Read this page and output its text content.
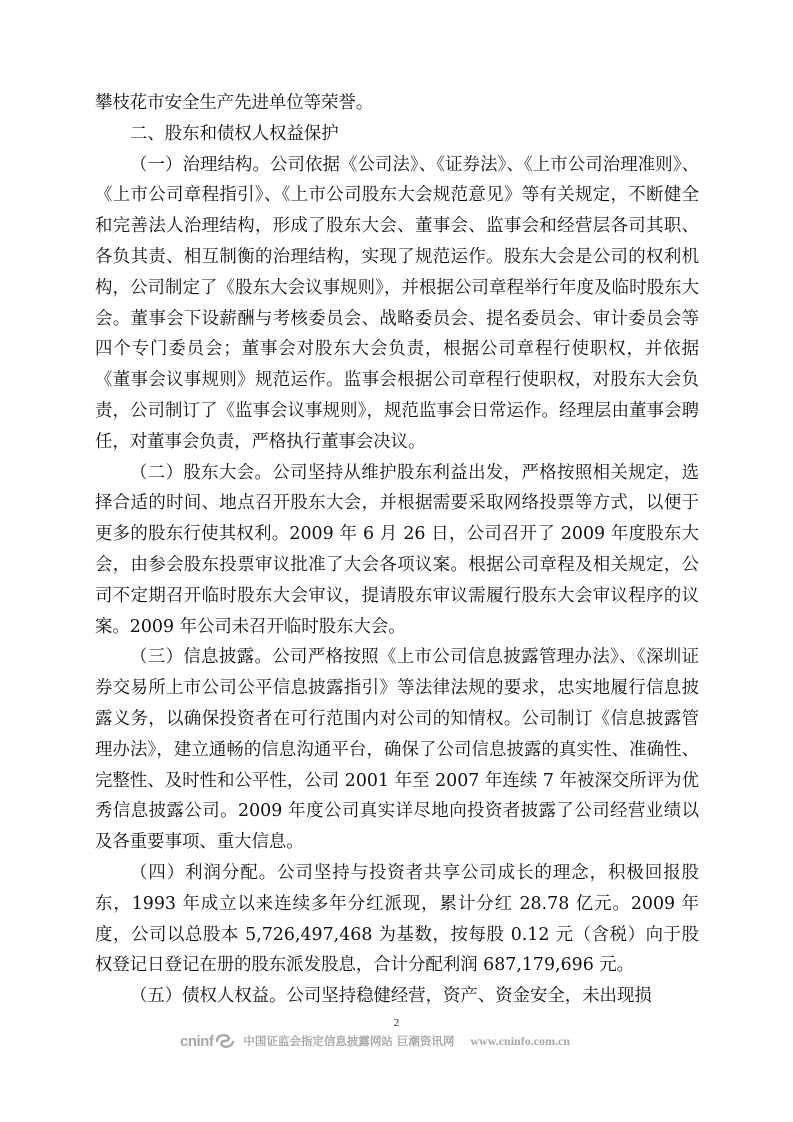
攀枝花市安全生产先进单位等荣誉。

二、股东和债权人权益保护

（一）治理结构。公司依据《公司法》、《证券法》、《上市公司治理准则》、《上市公司章程指引》、《上市公司股东大会规范意见》等有关规定，不断健全和完善法人治理结构，形成了股东大会、董事会、监事会和经营层各司其职、各负其责、相互制衡的治理结构，实现了规范运作。股东大会是公司的权利机构，公司制定了《股东大会议事规则》，并根据公司章程举行年度及临时股东大会。董事会下设薪酬与考核委员会、战略委员会、提名委员会、审计委员会等四个专门委员会；董事会对股东大会负责，根据公司章程行使职权，并依据《董事会议事规则》规范运作。监事会根据公司章程行使职权，对股东大会负责，公司制订了《监事会议事规则》，规范监事会日常运作。经理层由董事会聘任，对董事会负责，严格执行董事会决议。

（二）股东大会。公司坚持从维护股东利益出发，严格按照相关规定，选择合适的时间、地点召开股东大会，并根据需要采取网络投票等方式，以便于更多的股东行使其权利。2009 年 6 月 26 日，公司召开了 2009 年度股东大会，由参会股东投票审议批准了大会各项议案。根据公司章程及相关规定，公司不定期召开临时股东大会审议，提请股东审议需履行股东大会审议程序的议案。2009 年公司未召开临时股东大会。

（三）信息披露。公司严格按照《上市公司信息披露管理办法》、《深圳证券交易所上市公司公平信息披露指引》等法律法规的要求，忠实地履行信息披露义务，以确保投资者在可行范围内对公司的知情权。公司制订《信息披露管理办法》，建立通畅的信息沟通平台，确保了公司信息披露的真实性、准确性、完整性、及时性和公平性，公司 2001 年至 2007 年连续 7 年被深交所评为优秀信息披露公司。2009 年度公司真实详尽地向投资者披露了公司经营业绩以及各重要事项、重大信息。

（四）利润分配。公司坚持与投资者共享公司成长的理念，积极回报股东，1993 年成立以来连续多年分红派现，累计分红 28.78 亿元。2009 年度，公司以总股本 5,726,497,468 为基数，按每股 0.12 元（含税）向于股权登记日登记在册的股东派发股息，合计分配利润 687,179,696 元。

（五）债权人权益。公司坚持稳健经营，资产、资金安全，未出现损

2
cninf	中国证监会指定信息披露网站 巨潮资讯网 www.cninfo.com.cn
